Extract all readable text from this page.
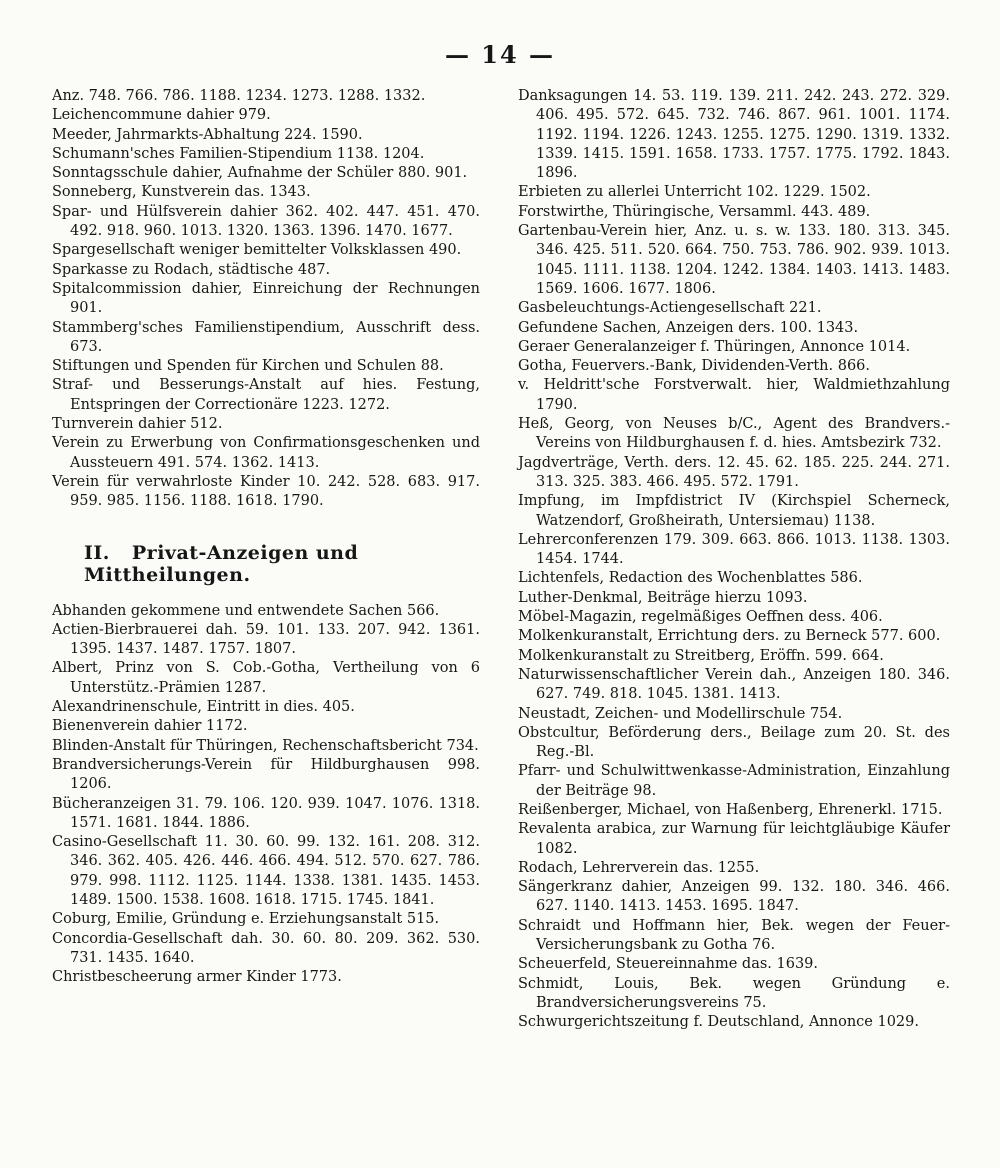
— 14 —
Anz. 748. 766. 786. 1188. 1234. 1273. 1288. 1332.
Leichencommune dahier 979.
Meeder, Jahrmarkts-Abhaltung 224. 1590.
Schumann'sches Familien-Stipendium 1138. 1204.
Sonntagsschule dahier, Aufnahme der Schüler 880. 901.
Sonneberg, Kunstverein das. 1343.
Spar- und Hülfsverein dahier 362. 402. 447. 451. 470. 492. 918. 960. 1013. 1320. 1363. 1396. 1470. 1677.
Spargesellschaft weniger bemittelter Volksklassen 490.
Sparkasse zu Rodach, städtische 487.
Spitalcommission dahier, Einreichung der Rechnungen 901.
Stammberg'sches Familienstipendium, Ausschrift dess. 673.
Stiftungen und Spenden für Kirchen und Schulen 88.
Straf- und Besserungs-Anstalt auf hies. Festung, Entspringen der Correctionäre 1223. 1272.
Turnverein dahier 512.
Verein zu Erwerbung von Confirmationsgeschenken und Aussteuern 491. 574. 1362. 1413.
Verein für verwahrloste Kinder 10. 242. 528. 683. 917. 959. 985. 1156. 1188. 1618. 1790.
II. Privat-Anzeigen und Mittheilungen.
Abhanden gekommene und entwendete Sachen 566.
Actien-Bierbrauerei dah. 59. 101. 133. 207. 942. 1361. 1395. 1437. 1487. 1757. 1807.
Albert, Prinz von S. Cob.-Gotha, Vertheilung von 6 Unterstütz.-Prämien 1287.
Alexandrinenschule, Eintritt in dies. 405.
Bienenverein dahier 1172.
Blinden-Anstalt für Thüringen, Rechenschaftsbericht 734.
Brandversicherungs-Verein für Hildburghausen 998. 1206.
Bücheranzeigen 31. 79. 106. 120. 939. 1047. 1076. 1318. 1571. 1681. 1844. 1886.
Casino-Gesellschaft 11. 30. 60. 99. 132. 161. 208. 312. 346. 362. 405. 426. 446. 466. 494. 512. 570. 627. 786. 979. 998. 1112. 1125. 1144. 1338. 1381. 1435. 1453. 1489. 1500. 1538. 1608. 1618. 1715. 1745. 1841.
Coburg, Emilie, Gründung e. Erziehungsanstalt 515.
Concordia-Gesellschaft dah. 30. 60. 80. 209. 362. 530. 731. 1435. 1640.
Christbescheerung armer Kinder 1773.
Danksagungen 14. 53. 119. 139. 211. 242. 243. 272. 329. 406. 495. 572. 645. 732. 746. 867. 961. 1001. 1174. 1192. 1194. 1226. 1243. 1255. 1275. 1290. 1319. 1332. 1339. 1415. 1591. 1658. 1733. 1757. 1775. 1792. 1843. 1896.
Erbieten zu allerlei Unterricht 102. 1229. 1502.
Forstwirthe, Thüringische, Versamml. 443. 489.
Gartenbau-Verein hier, Anz. u. s. w. 133. 180. 313. 345. 346. 425. 511. 520. 664. 750. 753. 786. 902. 939. 1013. 1045. 1111. 1138. 1204. 1242. 1384. 1403. 1413. 1483. 1569. 1606. 1677. 1806.
Gasbeleuchtungs-Actiengesellschaft 221.
Gefundene Sachen, Anzeigen ders. 100. 1343.
Geraer Generalanzeiger f. Thüringen, Annonce 1014.
Gotha, Feuervers.-Bank, Dividenden-Verth. 866.
v. Heldritt'sche Forstverwalt. hier, Waldmiethzahlung 1790.
Heß, Georg, von Neuses b/C., Agent des Brandvers.-Vereins von Hildburghausen f. d. hies. Amtsbezirk 732.
Jagdverträge, Verth. ders. 12. 45. 62. 185. 225. 244. 271. 313. 325. 383. 466. 495. 572. 1791.
Impfung, im Impfdistrict IV (Kirchspiel Scherneck, Watzendorf, Großheirath, Untersiemau) 1138.
Lehrerconferenzen 179. 309. 663. 866. 1013. 1138. 1303. 1454. 1744.
Lichtenfels, Redaction des Wochenblattes 586.
Luther-Denkmal, Beiträge hierzu 1093.
Möbel-Magazin, regelmäßiges Oeffnen dess. 406.
Molkenkuranstalt, Errichtung ders. zu Berneck 577. 600.
Molkenkuranstalt zu Streitberg, Eröffn. 599. 664.
Naturwissenschaftlicher Verein dah., Anzeigen 180. 346. 627. 749. 818. 1045. 1381. 1413.
Neustadt, Zeichen- und Modellirschule 754.
Obstcultur, Beförderung ders., Beilage zum 20. St. des Reg.-Bl.
Pfarr- und Schulwittwenkasse-Administration, Einzahlung der Beiträge 98.
Reißenberger, Michael, von Haßenberg, Ehrenerkl. 1715.
Revalenta arabica, zur Warnung für leichtgläubige Käufer 1082.
Rodach, Lehrerverein das. 1255.
Sängerkranz dahier, Anzeigen 99. 132. 180. 346. 466. 627. 1140. 1413. 1453. 1695. 1847.
Schraidt und Hoffmann hier, Bek. wegen der Feuer-Versicherungsbank zu Gotha 76.
Scheuerfeld, Steuereinnahme das. 1639.
Schmidt, Louis, Bek. wegen Gründung e. Brandversicherungsvereins 75.
Schwurgerichtszeitung f. Deutschland, Annonce 1029.
